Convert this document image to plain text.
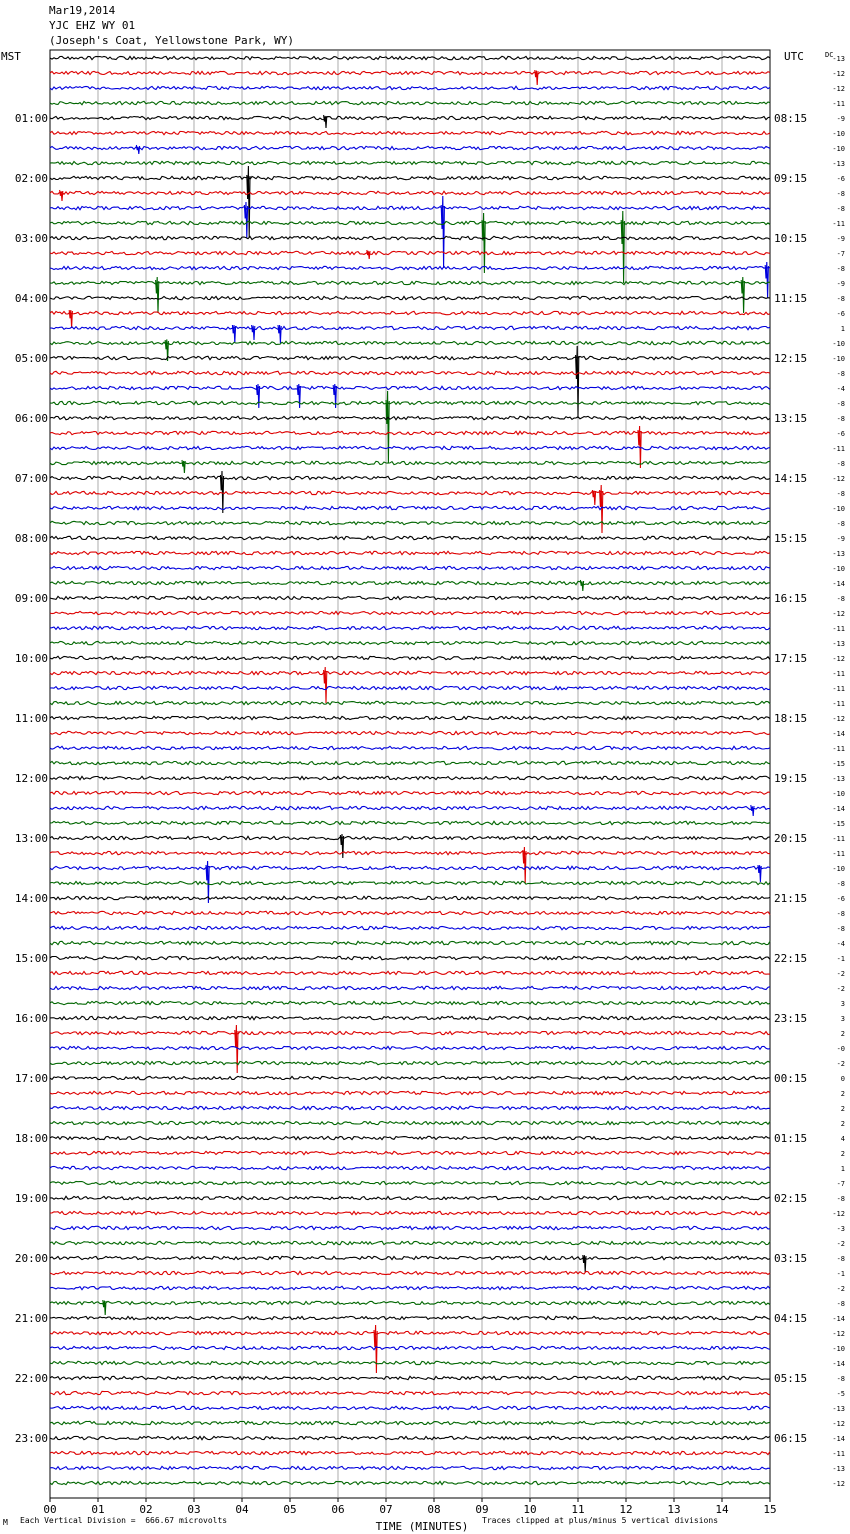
Mar19,2014
YJC EHZ WY 01
(Joseph's Coat, Yellowstone Park, WY)
MST	UTC	DC
01:00	08:15
02:00	09:15
03:00	10:15
04:00	11:15
05:00	12:15
06:00	13:15
07:00	14:15
08:00	15:15
09:00	16:15
10:00	17:15
11:00	18:15
12:00	19:15
13:00	20:15
14:00	21:15
15:00	22:15
16:00	23:15
17:00	00:15
18:00	01:15
19:00	02:15
20:00	03:15
21:00	04:15
22:00	05:15
23:00	06:15
-13
-12
-12
-11
-9
-10
-10
-13
-6
-8
-8
-11
-9
-7
-8
-9
-8
-6
1
-10
-10
-8
-4
-8
-8
-6
-11
-8
-12
-8
-10
-8
-9
-13
-10
-14
-8
-12
-11
-13
-12
-11
-11
-11
-12
-14
-11
-15
-13
-10
-14
-15
-11
-11
-10
-8
-6
-8
-8
-4
-1
-2
-2
3
3
2
-0
-2
0
2
2
2
4
2
1
-7
-8
-12
-3
-2
-8
-1
-2
-8
-14
-12
-10
-14
-8
-5
-13
-12
-14
-11
-13
-12
00	01	02	03	04	05	06	07	08	09	10	11	12	13	14	15
TIME (MINUTES)
M Each Vertical Division =  666.67 microvolts	Traces clipped at plus/minus 5 vertical divisions
